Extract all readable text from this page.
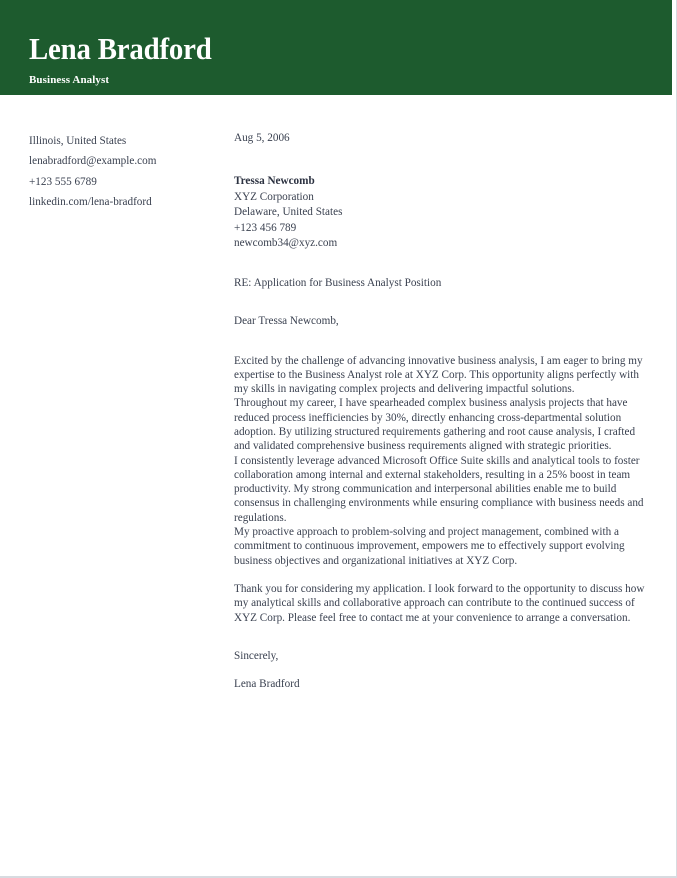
Lena Bradford
Business Analyst
Illinois, United States
lenabradford@example.com
+123 555 6789
linkedin.com/lena-bradford
Aug 5, 2006
Tressa Newcomb
XYZ Corporation
Delaware, United States
+123 456 789
newcomb34@xyz.com
RE: Application for Business Analyst Position
Dear Tressa Newcomb,

Excited by the challenge of advancing innovative business analysis, I am eager to bring my expertise to the Business Analyst role at XYZ Corp. This opportunity aligns perfectly with my skills in navigating complex projects and delivering impactful solutions.

Throughout my career, I have spearheaded complex business analysis projects that have reduced process inefficiencies by 30%, directly enhancing cross-departmental solution adoption. By utilizing structured requirements gathering and root cause analysis, I crafted and validated comprehensive business requirements aligned with strategic priorities.

I consistently leverage advanced Microsoft Office Suite skills and analytical tools to foster collaboration among internal and external stakeholders, resulting in a 25% boost in team productivity. My strong communication and interpersonal abilities enable me to build consensus in challenging environments while ensuring compliance with business needs and regulations.

My proactive approach to problem-solving and project management, combined with a commitment to continuous improvement, empowers me to effectively support evolving business objectives and organizational initiatives at XYZ Corp.

Thank you for considering my application. I look forward to the opportunity to discuss how my analytical skills and collaborative approach can contribute to the continued success of XYZ Corp. Please feel free to contact me at your convenience to arrange a conversation.

Sincerely,
Lena Bradford
